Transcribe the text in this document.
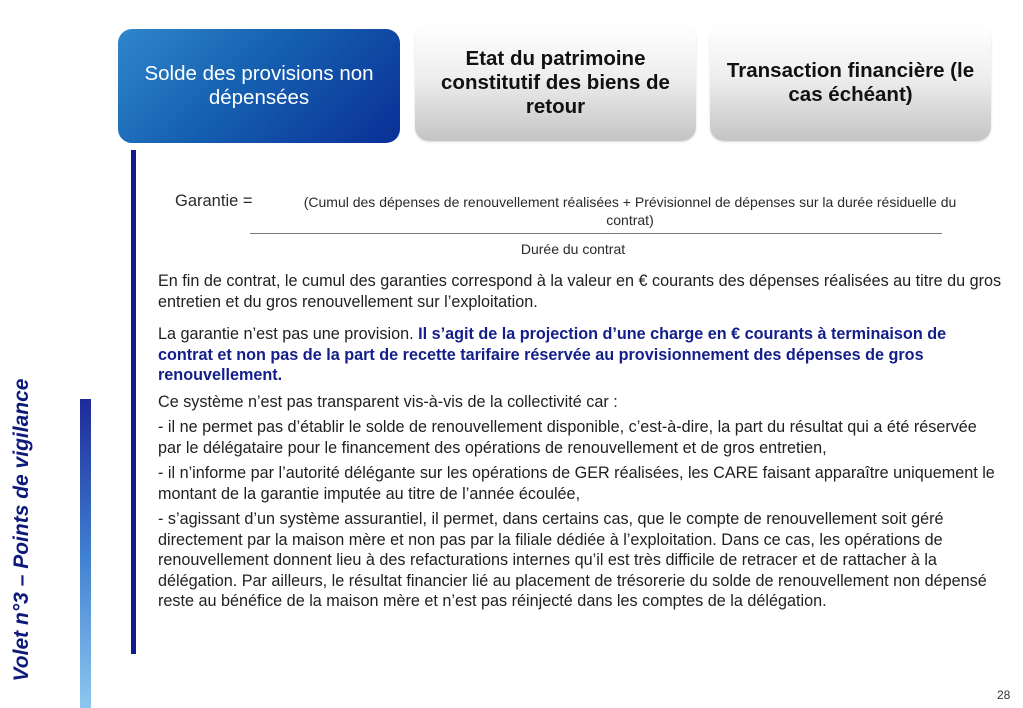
Solde des provisions non dépensées
Etat du patrimoine constitutif des biens de retour
Transaction financière (le cas échéant)
Volet n°3 – Points de vigilance
Garantie =	(Cumul des dépenses de renouvellement réalisées + Prévisionnel de dépenses sur la durée résiduelle du contrat)
Durée du contrat

En fin de contrat, le cumul des garanties correspond à la valeur en € courants des dépenses réalisées au titre du gros entretien et du gros renouvellement sur l’exploitation.

La garantie n’est pas une provision. Il s’agit de la projection d’une charge en € courants à terminaison de contrat et non pas de la part de recette tarifaire réservée au provisionnement des dépenses de gros renouvellement.

Ce système n’est pas transparent vis-à-vis de la collectivité car :

- il ne permet pas d’établir le solde de renouvellement disponible, c’est-à-dire, la part du résultat qui a été réservée par le délégataire pour le financement des opérations de renouvellement et de gros entretien,

- il n’informe par l’autorité délégante sur les opérations de GER réalisées, les CARE faisant apparaître uniquement le montant de la garantie imputée au titre de l’année écoulée,

- s’agissant d’un système assurantiel, il permet, dans certains cas, que le compte de renouvellement soit géré directement par la maison mère et non pas par la filiale dédiée à l’exploitation. Dans ce cas, les opérations de renouvellement donnent lieu à des refacturations internes qu’il est très difficile de retracer et de rattacher à la délégation. Par ailleurs, le résultat financier lié au placement de trésorerie du solde de renouvellement non dépensé reste au bénéfice de la maison mère et n’est pas réinjecté dans les comptes de la délégation.

28
